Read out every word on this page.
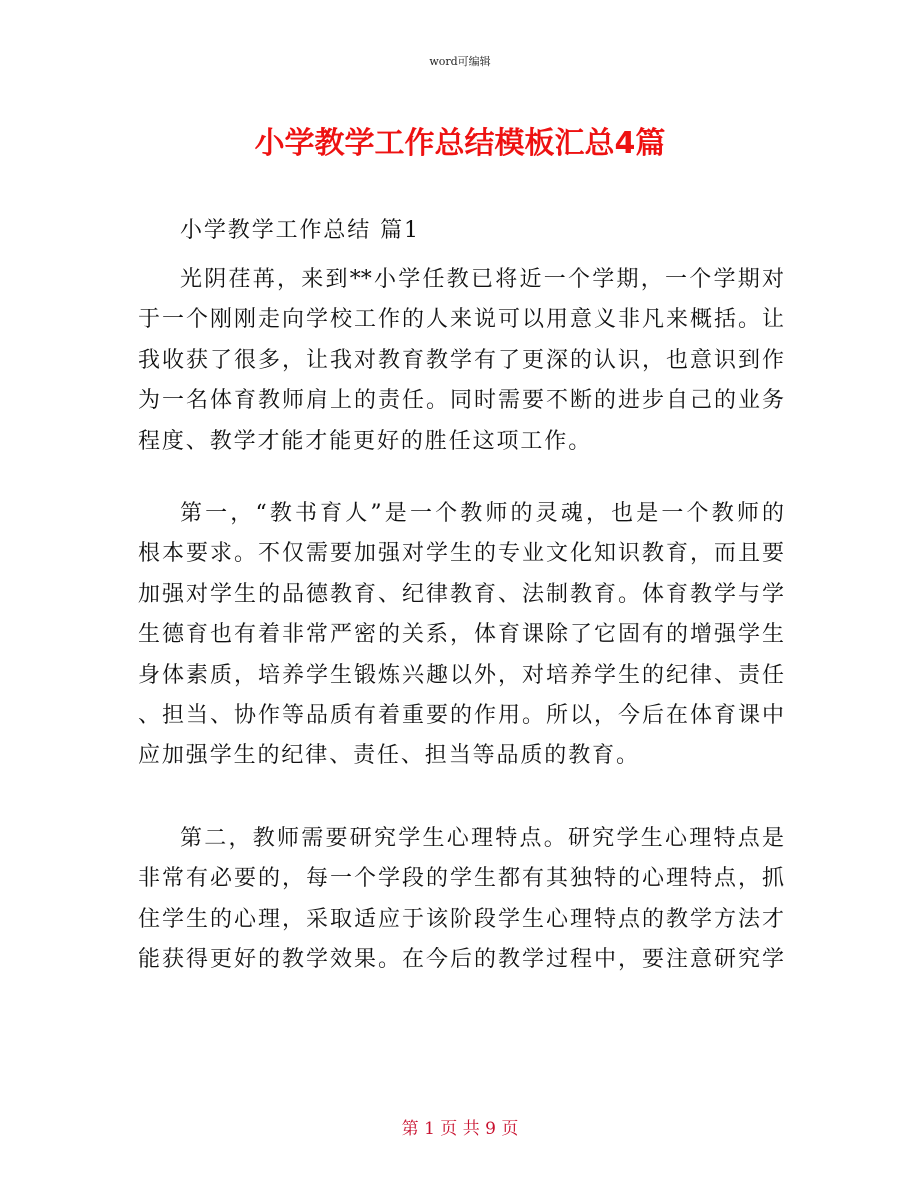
word可编辑
小学教学工作总结模板汇总4篇
小学教学工作总结 篇1
光阴荏苒，来到**小学任教已将近一个学期，一个学期对
于一个刚刚走向学校工作的人来说可以用意义非凡来概括。让
我收获了很多，让我对教育教学有了更深的认识，也意识到作
为一名体育教师肩上的责任。同时需要不断的进步自己的业务
程度、教学才能才能更好的胜任这项工作。
第一，“教书育人”是一个教师的灵魂，也是一个教师的
根本要求。不仅需要加强对学生的专业文化知识教育，而且要
加强对学生的品德教育、纪律教育、法制教育。体育教学与学
生德育也有着非常严密的关系，体育课除了它固有的增强学生
身体素质，培养学生锻炼兴趣以外，对培养学生的纪律、责任
、担当、协作等品质有着重要的作用。所以，今后在体育课中
应加强学生的纪律、责任、担当等品质的教育。
第二，教师需要研究学生心理特点。研究学生心理特点是
非常有必要的，每一个学段的学生都有其独特的心理特点，抓
住学生的心理，采取适应于该阶段学生心理特点的教学方法才
能获得更好的教学效果。在今后的教学过程中，要注意研究学
第 1 页 共 9 页
